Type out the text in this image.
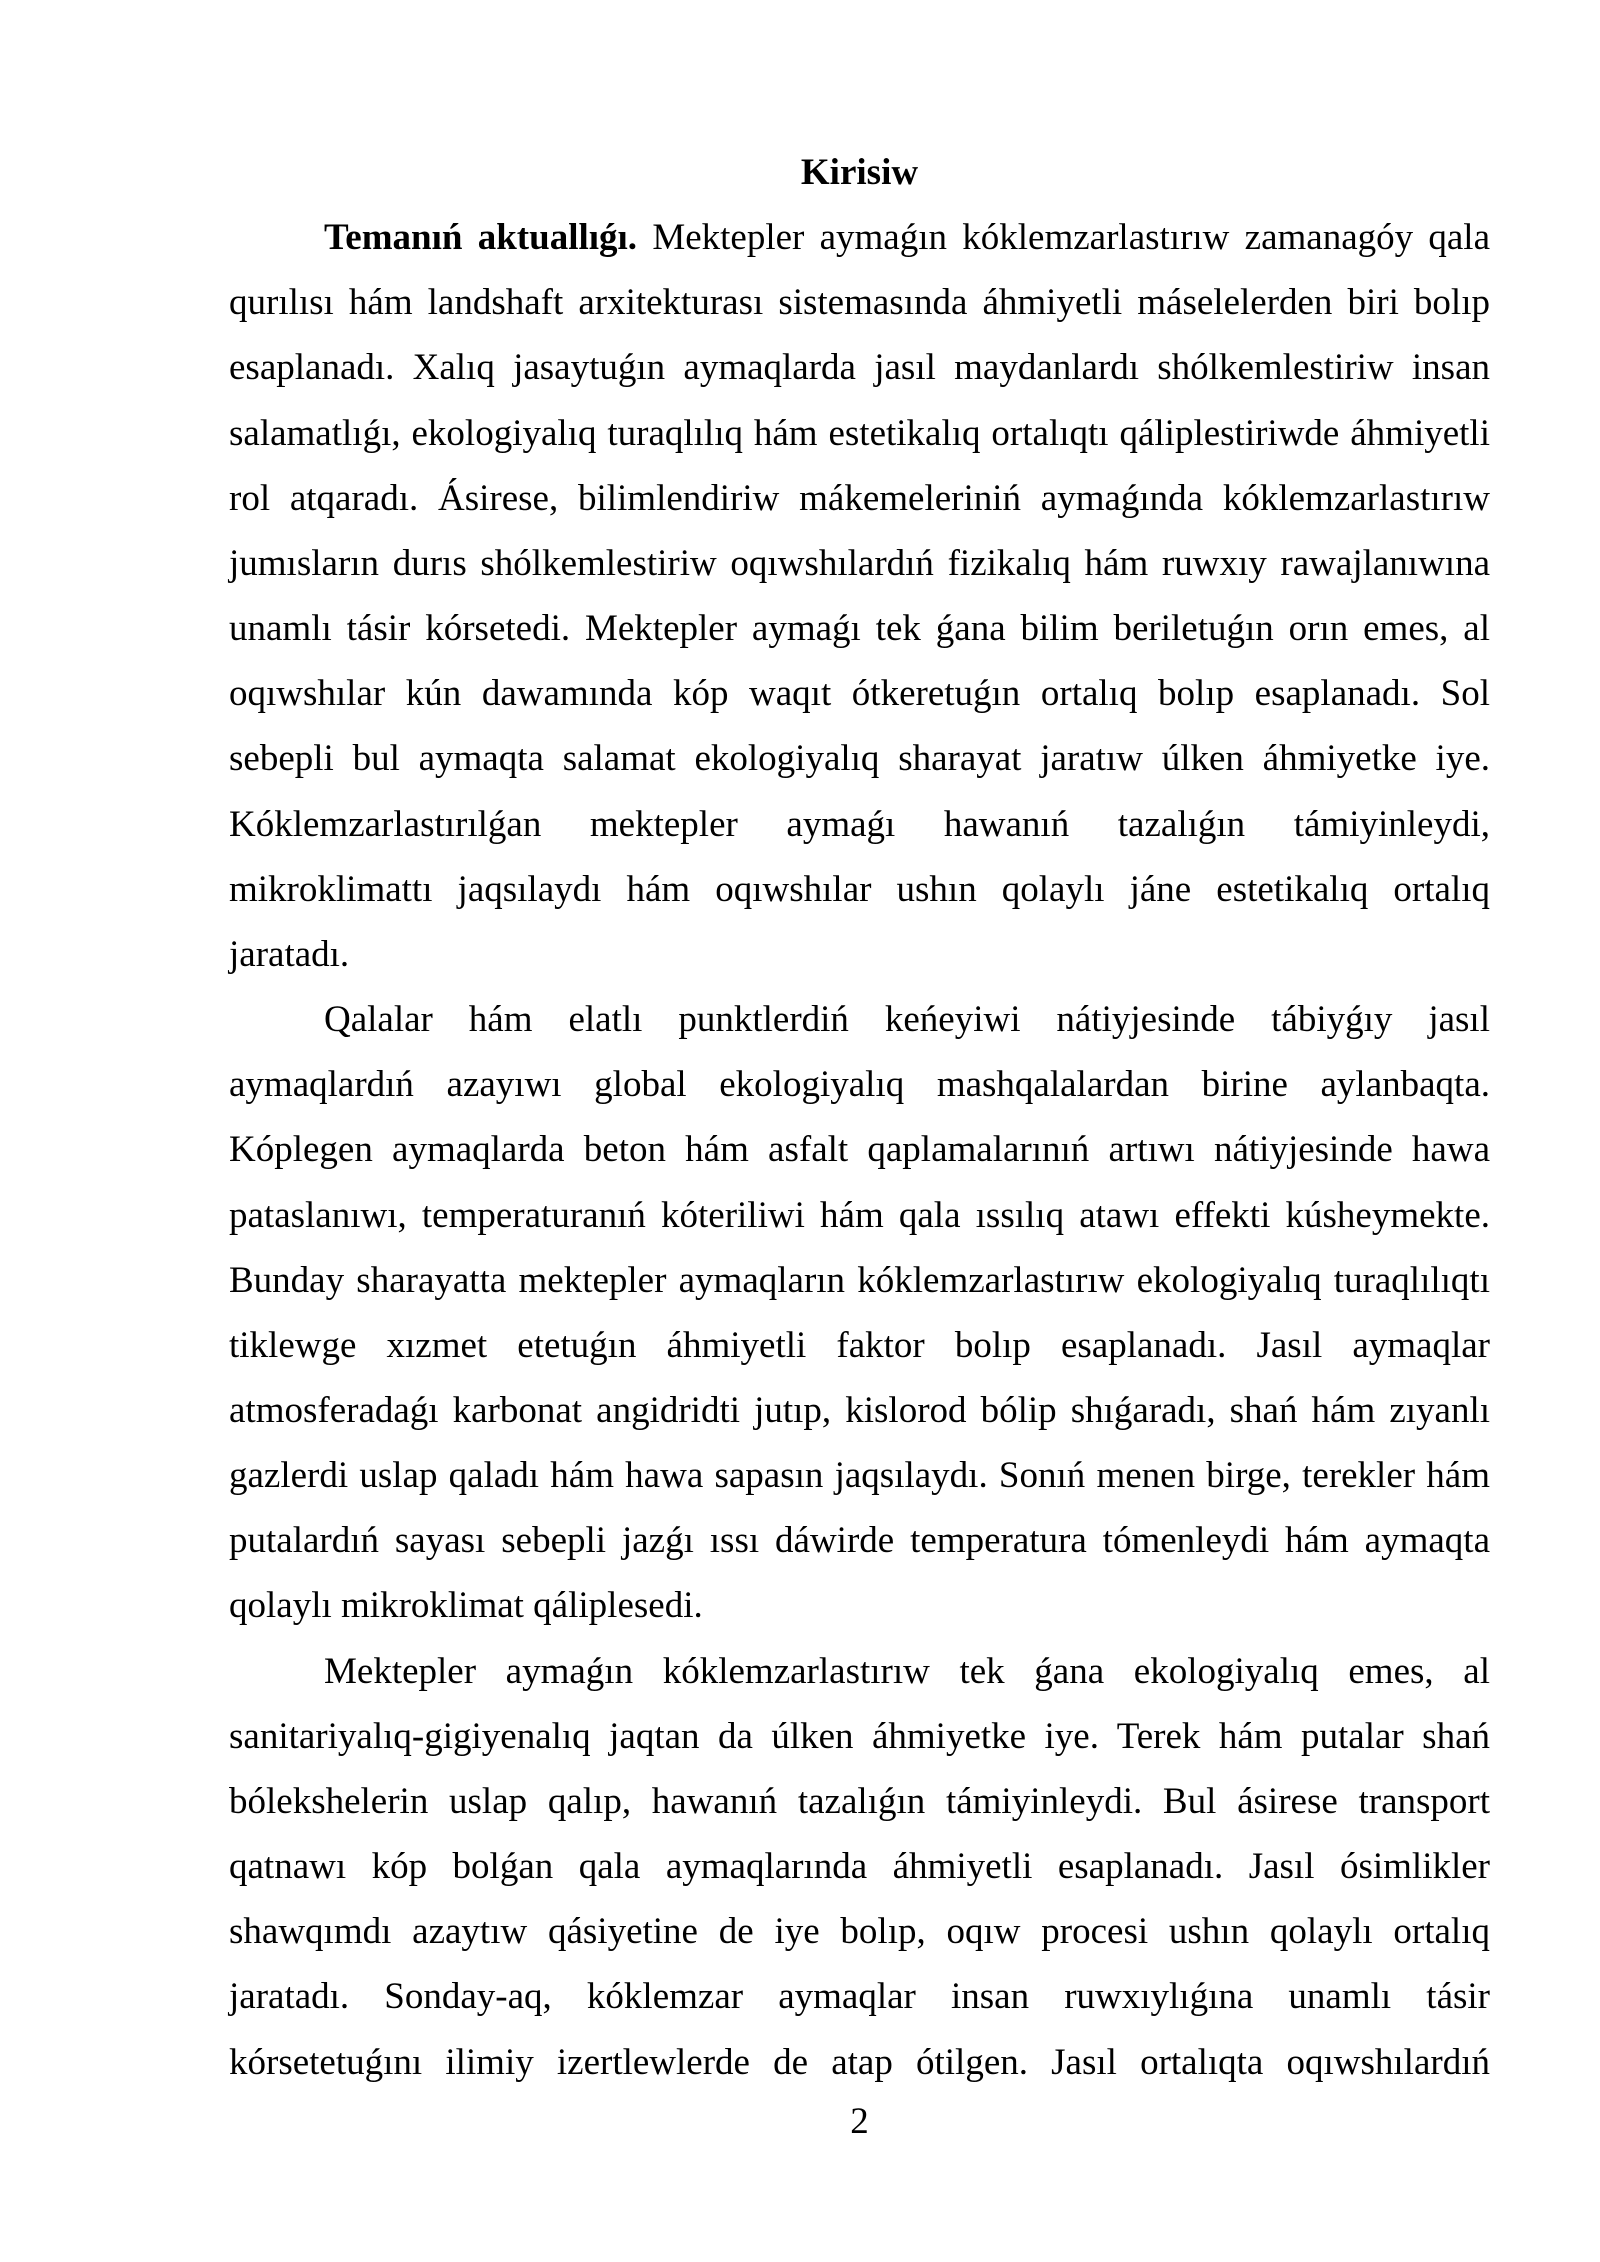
Kirisiw
Temanıń aktuallıǵı. Mektepler aymaǵın kóklemzarlastırıw zamanagóy qala
qurılısı hám landshaft arxitekturası sistemasında áhmiyetli máselelerden biri bolıp
esaplanadı. Xalıq jasaytuǵın aymaqlarda jasıl maydanlardı shólkemlestiriw insan
salamatlıǵı, ekologiyalıq turaqlılıq hám estetikalıq ortalıqtı qáliplestiriwde áhmiyetli
rol atqaradı. Ásirese, bilimlendiriw mákemeleriniń aymaǵında kóklemzarlastırıw
jumısların durıs shólkemlestiriw oqıwshılardıń fizikalıq hám ruwxıy rawajlanıwına
unamlı tásir kórsetedi. Mektepler aymaǵı tek ǵana bilim beriletuǵın orın emes, al
oqıwshılar kún dawamında kóp waqıt ótkeretuǵın ortalıq bolıp esaplanadı. Sol
sebepli bul aymaqta salamat ekologiyalıq sharayat jaratıw úlken áhmiyetke iye.
Kóklemzarlastırılǵan mektepler aymaǵı hawanıń tazalıǵın támiyinleydi,
mikroklimattı jaqsılaydı hám oqıwshılar ushın qolaylı jáne estetikalıq ortalıq
jaratadı.
Qalalar hám elatlı punktlerdiń keńeyiwi nátiyjesinde tábiyǵıy jasıl
aymaqlardıń azayıwı global ekologiyalıq mashqalalardan birine aylanbaqta.
Kóplegen aymaqlarda beton hám asfalt qaplamalarınıń artıwı nátiyjesinde hawa
pataslanıwı, temperaturanıń kóteriliwi hám qala ıssılıq atawı effekti kúsheymekte.
Bunday sharayatta mektepler aymaqların kóklemzarlastırıw ekologiyalıq turaqlılıqtı
tiklewge xızmet etetuǵın áhmiyetli faktor bolıp esaplanadı. Jasıl aymaqlar
atmosferadaǵı karbonat angidridti jutıp, kislorod bólip shıǵaradı, shań hám zıyanlı
gazlerdi uslap qaladı hám hawa sapasın jaqsılaydı. Sonıń menen birge, terekler hám
putalardıń sayası sebepli jazǵı ıssı dáwirde temperatura tómenleydi hám aymaqta
qolaylı mikroklimat qáliplesedi.
Mektepler aymaǵın kóklemzarlastırıw tek ǵana ekologiyalıq emes, al
sanitariyalıq-gigiyenalıq jaqtan da úlken áhmiyetke iye. Terek hám putalar shań
bólekshelerin uslap qalıp, hawanıń tazalıǵın támiyinleydi. Bul ásirese transport
qatnawı kóp bolǵan qala aymaqlarında áhmiyetli esaplanadı. Jasıl ósimlikler
shawqımdı azaytıw qásiyetine de iye bolıp, oqıw procesi ushın qolaylı ortalıq
jaratadı. Sonday-aq, kóklemzar aymaqlar insan ruwxıylıǵına unamlı tásir
kórsetetuǵını ilimiy izertlewlerde de atap ótilgen. Jasıl ortalıqta oqıwshılardıń
2
